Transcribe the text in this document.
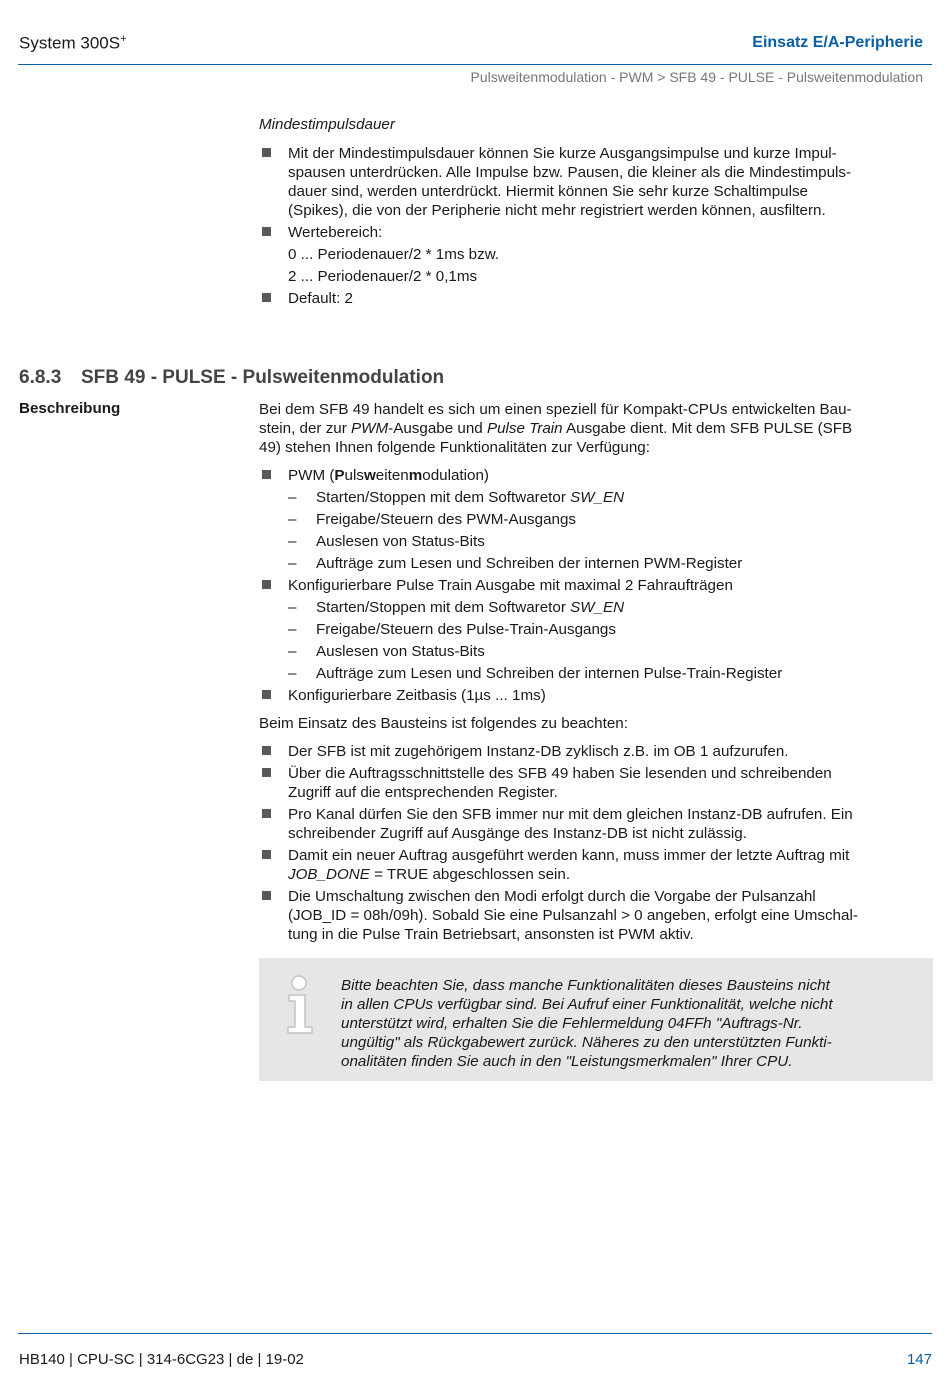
System 300S+	Einsatz E/A-Peripherie
Pulsweitenmodulation - PWM > SFB 49 - PULSE - Pulsweitenmodulation
Mindestimpulsdauer
Mit der Mindestimpulsdauer können Sie kurze Ausgangsimpulse und kurze Impul-
spausen unterdrücken. Alle Impulse bzw. Pausen, die kleiner als die Mindestimpuls-
dauer sind, werden unterdrückt. Hiermit können Sie sehr kurze Schaltimpulse
(Spikes), die von der Peripherie nicht mehr registriert werden können, ausfiltern.
Wertebereich:
0 ... Periodenauer/2 * 1ms bzw.
2 ... Periodenauer/2 * 0,1ms
Default: 2
6.8.3 SFB 49 - PULSE - Pulsweitenmodulation
Beschreibung	Bei dem SFB 49 handelt es sich um einen speziell für Kompakt-CPUs entwickelten Bau-
stein, der zur PWM-Ausgabe und Pulse Train Ausgabe dient. Mit dem SFB PULSE (SFB
49) stehen Ihnen folgende Funktionalitäten zur Verfügung:
PWM (Pulsweitenmodulation)
– Starten/Stoppen mit dem Softwaretor SW_EN
– Freigabe/Steuern des PWM-Ausgangs
– Auslesen von Status-Bits
– Aufträge zum Lesen und Schreiben der internen PWM-Register
Konfigurierbare Pulse Train Ausgabe mit maximal 2 Fahraufträgen
– Starten/Stoppen mit dem Softwaretor SW_EN
– Freigabe/Steuern des Pulse-Train-Ausgangs
– Auslesen von Status-Bits
– Aufträge zum Lesen und Schreiben der internen Pulse-Train-Register
Konfigurierbare Zeitbasis (1µs ... 1ms)
Beim Einsatz des Bausteins ist folgendes zu beachten:
Der SFB ist mit zugehörigem Instanz-DB zyklisch z.B. im OB 1 aufzurufen.
Über die Auftragsschnittstelle des SFB 49 haben Sie lesenden und schreibenden
Zugriff auf die entsprechenden Register.
Pro Kanal dürfen Sie den SFB immer nur mit dem gleichen Instanz-DB aufrufen. Ein
schreibender Zugriff auf Ausgänge des Instanz-DB ist nicht zulässig.
Damit ein neuer Auftrag ausgeführt werden kann, muss immer der letzte Auftrag mit
JOB_DONE = TRUE abgeschlossen sein.
Die Umschaltung zwischen den Modi erfolgt durch die Vorgabe der Pulsanzahl
(JOB_ID = 08h/09h). Sobald Sie eine Pulsanzahl > 0 angeben, erfolgt eine Umschal-
tung in die Pulse Train Betriebsart, ansonsten ist PWM aktiv.
Bitte beachten Sie, dass manche Funktionalitäten dieses Bausteins nicht
in allen CPUs verfügbar sind. Bei Aufruf einer Funktionalität, welche nicht
unterstützt wird, erhalten Sie die Fehlermeldung 04FFh "Auftrags-Nr.
ungültig" als Rückgabewert zurück. Näheres zu den unterstützten Funkti-
onalitäten finden Sie auch in den "Leistungsmerkmalen" Ihrer CPU.
HB140 | CPU-SC | 314-6CG23 | de | 19-02	147
